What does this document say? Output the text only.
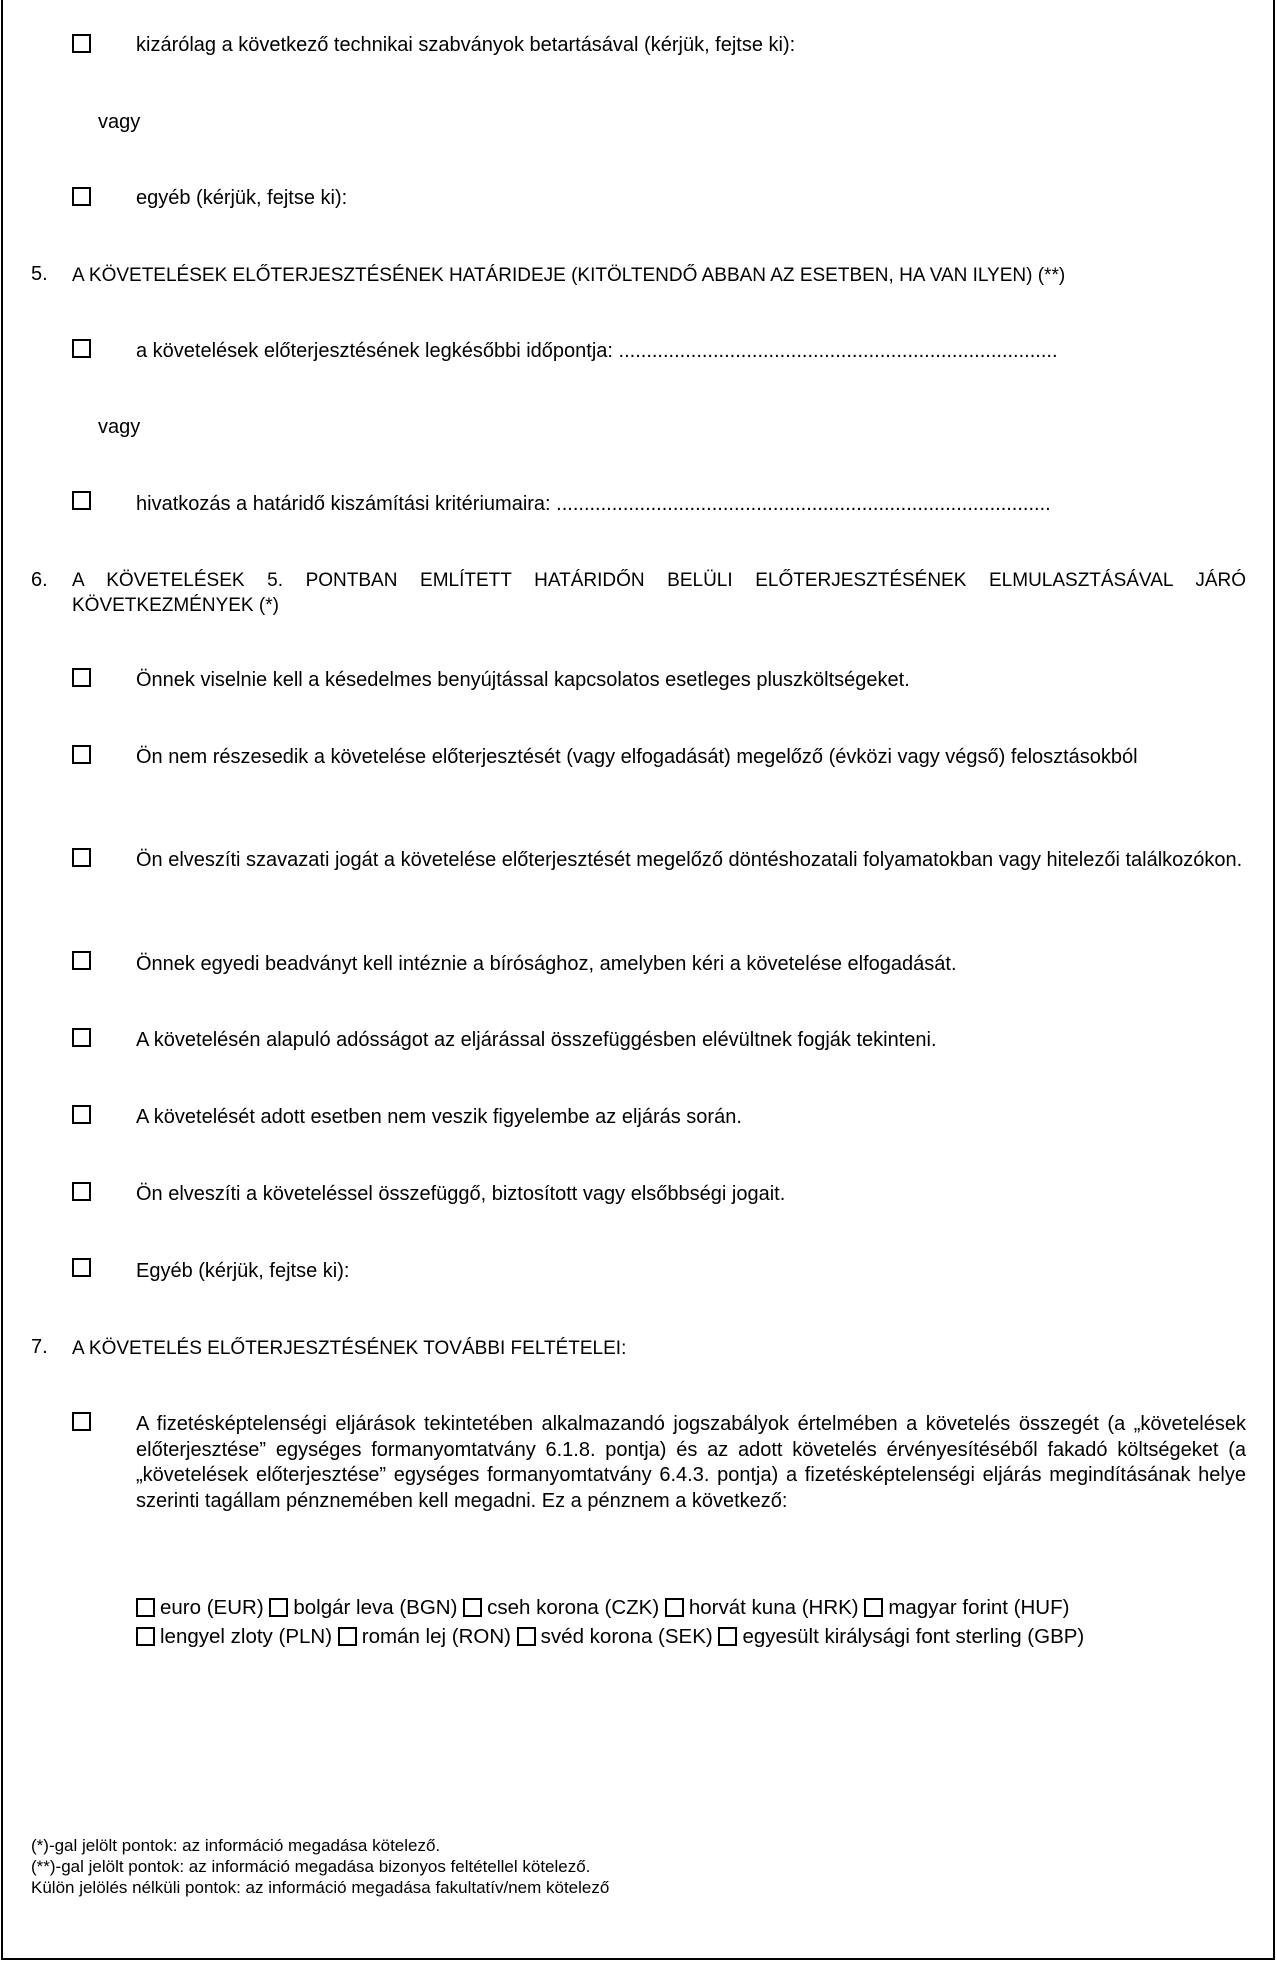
kizárólag a következő technikai szabványok betartásával (kérjük, fejtse ki):
vagy
egyéb (kérjük, fejtse ki):
5. A KÖVETELÉSEK ELŐTERJESZTÉSÉNEK HATÁRIDEJE (KITÖLTENDŐ ABBAN AZ ESETBEN, HA VAN ILYEN) (**)
a követelések előterjesztésének legkésőbbi időpontja: ...............................................................................
vagy
hivatkozás a határidő kiszámítási kritériumaira: .........................................................................................
6. A KÖVETELÉSEK 5. PONTBAN EMLÍTETT HATÁRIDŐN BELÜLI ELŐTERJESZTÉSÉNEK ELMULASZTÁSÁVAL JÁRÓ KÖVETKEZMÉNYEK (*)
Önnek viselnie kell a késedelmes benyújtással kapcsolatos esetleges pluszköltségeket.
Ön nem részesedik a követelése előterjesztését (vagy elfogadását) megelőző (évközi vagy végső) felosztásokból
Ön elveszíti szavazati jogát a követelése előterjesztését megelőző döntéshozatali folyamatokban vagy hitelezői találkozókon.
Önnek egyedi beadványt kell intéznie a bírósághoz, amelyben kéri a követelése elfogadását.
A követelésén alapuló adósságot az eljárással összefüggésben elévültnek fogják tekinteni.
A követelését adott esetben nem veszik figyelembe az eljárás során.
Ön elveszíti a követeléssel összefüggő, biztosított vagy elsőbbségi jogait.
Egyéb (kérjük, fejtse ki):
7. A KÖVETELÉS ELŐTERJESZTÉSÉNEK TOVÁBBI FELTÉTELEI:
A fizetésképtelenségi eljárások tekintetében alkalmazandó jogszabályok értelmében a követelés összegét (a „követelések előterjesztése” egységes formanyomtatvány 6.1.8. pontja) és az adott követelés érvényesítéséből fakadó költségeket (a „követelések előterjesztése” egységes formanyomtatvány 6.4.3. pontja) a fizetésképtelenségi eljárás megindításának helye szerinti tagállam pénznemében kell megadni. Ez a pénznem a következő:
euro (EUR) bolgár leva (BGN) cseh korona (CZK) horvát kuna (HRK) magyar forint (HUF)
lengyel zloty (PLN) román lej (RON) svéd korona (SEK) egyesült királysági font sterling (GBP)
(*)-gal jelölt pontok: az információ megadása kötelező.
(**)-gal jelölt pontok: az információ megadása bizonyos feltétellel kötelező.
Külön jelölés nélküli pontok: az információ megadása fakultatív/nem kötelező
